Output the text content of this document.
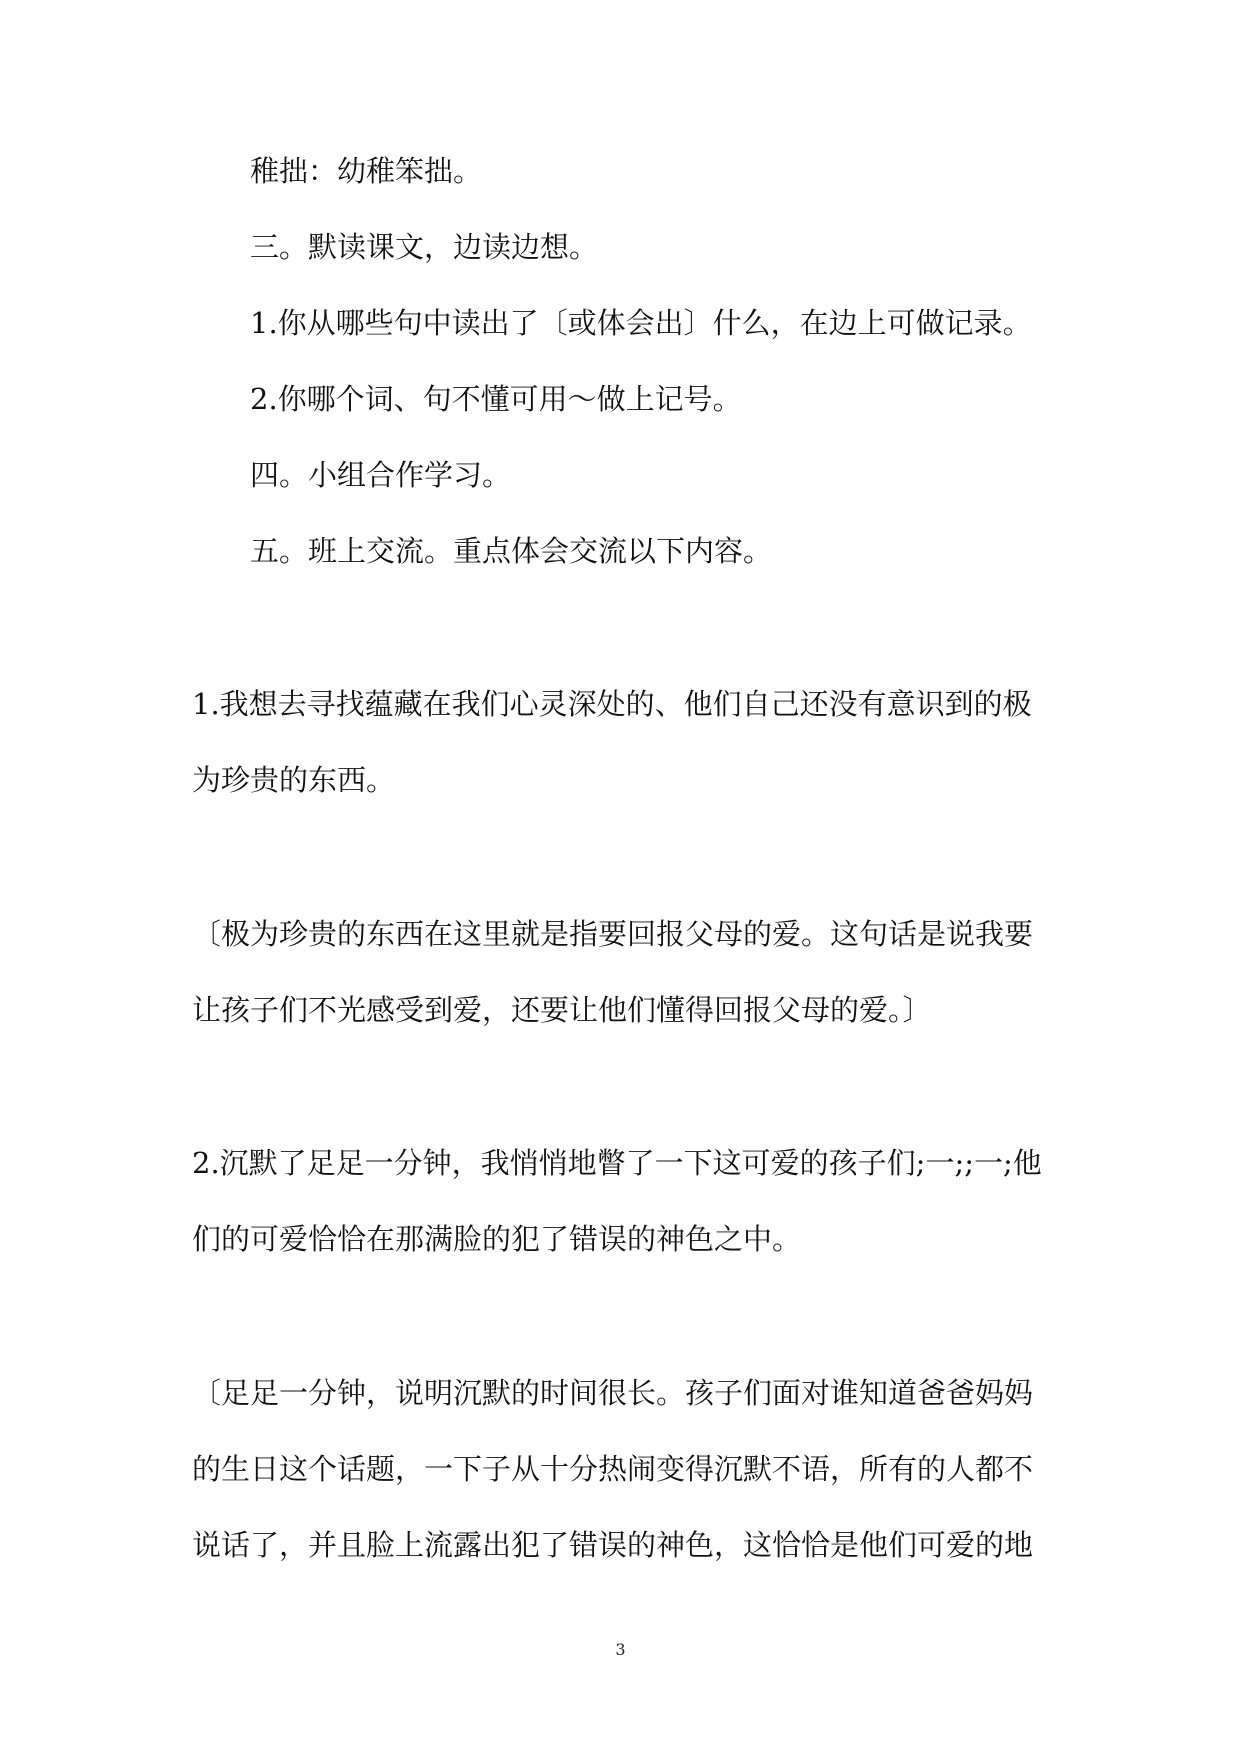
稚拙：幼稚笨拙。
三。默读课文，边读边想。
1.你从哪些句中读出了〔或体会出〕什么，在边上可做记录。
2.你哪个词、句不懂可用～做上记号。
四。小组合作学习。
五。班上交流。重点体会交流以下内容。
1.我想去寻找蕴藏在我们心灵深处的、他们自己还没有意识到的极
为珍贵的东西。
〔极为珍贵的东西在这里就是指要回报父母的爱。这句话是说我要
让孩子们不光感受到爱，还要让他们懂得回报父母的爱。〕
2.沉默了足足一分钟，我悄悄地瞥了一下这可爱的孩子们;一;;一;他
们的可爱恰恰在那满脸的犯了错误的神色之中。
〔足足一分钟，说明沉默的时间很长。孩子们面对谁知道爸爸妈妈
的生日这个话题，一下子从十分热闹变得沉默不语，所有的人都不
说话了，并且脸上流露出犯了错误的神色，这恰恰是他们可爱的地
3
